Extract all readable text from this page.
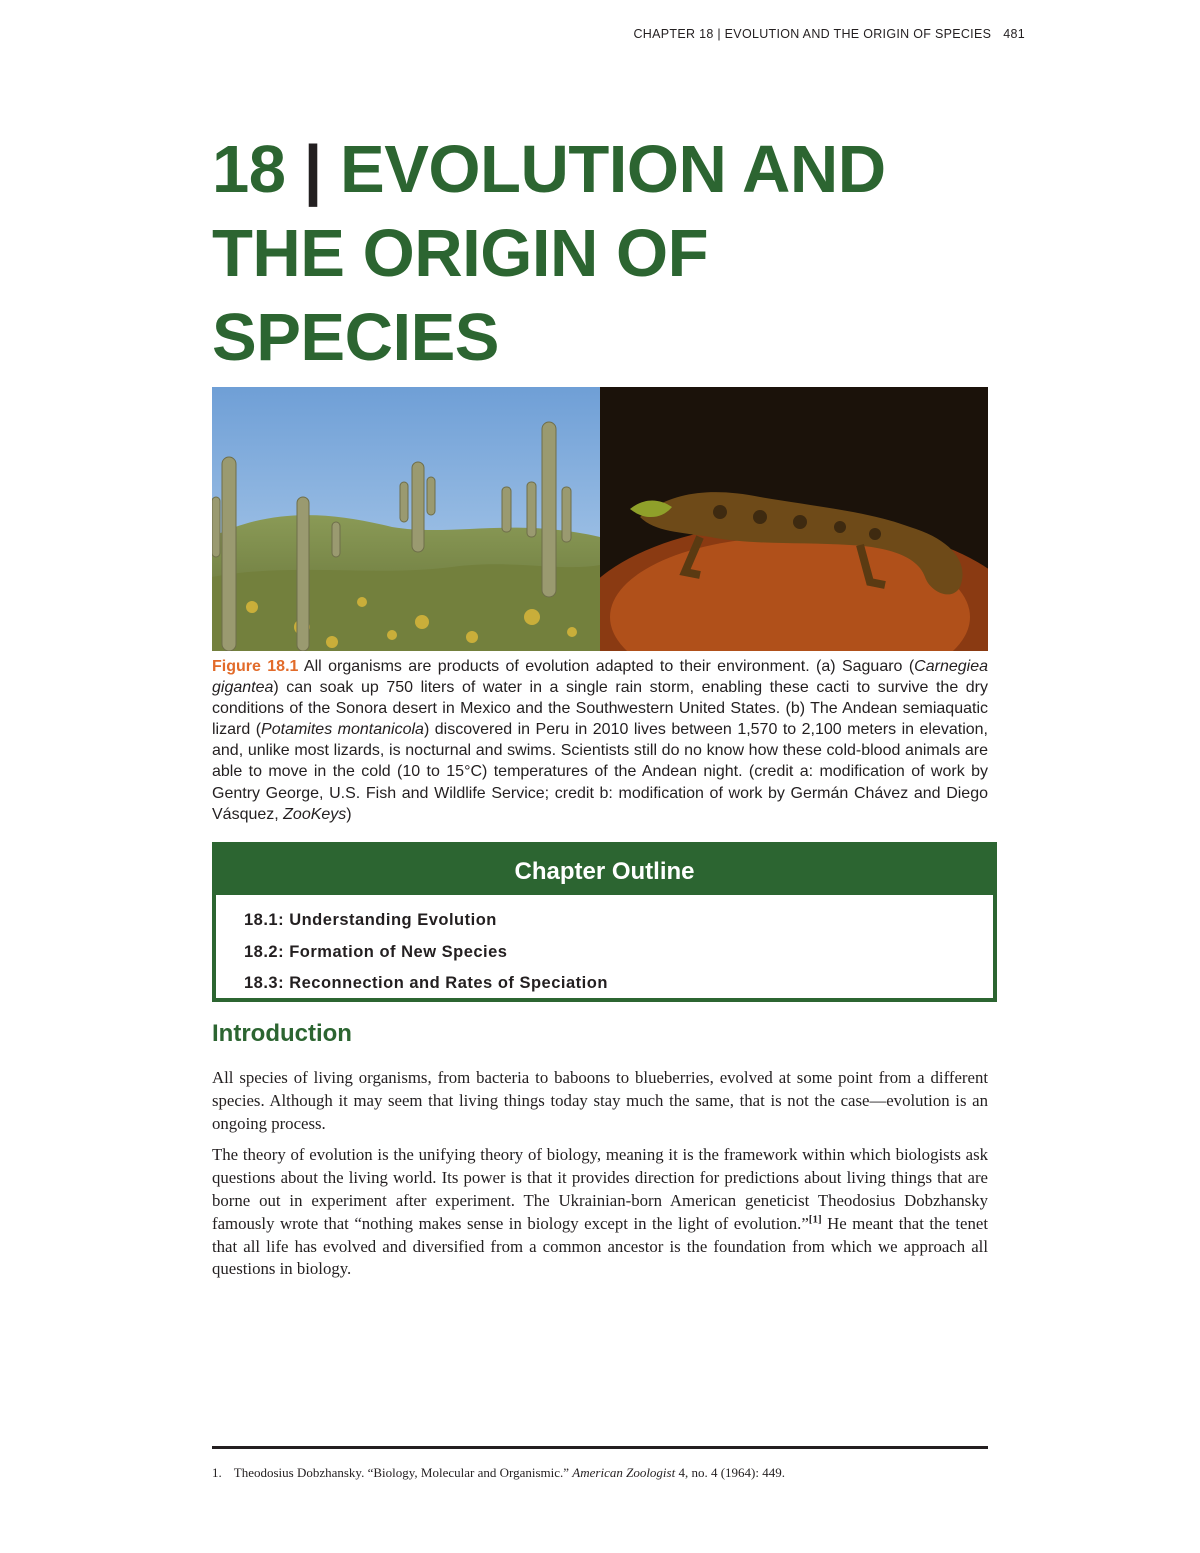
CHAPTER 18 | EVOLUTION AND THE ORIGIN OF SPECIES 481
18 | EVOLUTION AND
THE ORIGIN OF
SPECIES

Figure 18.1 All organisms are products of evolution adapted to their environment. (a) Saguaro (Carnegiea gigantea) can soak up 750 liters of water in a single rain storm, enabling these cacti to survive the dry conditions of the Sonora desert in Mexico and the Southwestern United States. (b) The Andean semiaquatic lizard (Potamites montanicola) discovered in Peru in 2010 lives between 1,570 to 2,100 meters in elevation, and, unlike most lizards, is nocturnal and swims. Scientists still do no know how these cold-blood animals are able to move in the cold (10 to 15°C) temperatures of the Andean night. (credit a: modification of work by Gentry George, U.S. Fish and Wildlife Service; credit b: modification of work by Germán Chávez and Diego Vásquez, ZooKeys)

Chapter Outline
18.1: Understanding Evolution
18.2: Formation of New Species
18.3: Reconnection and Rates of Speciation
Introduction

All species of living organisms, from bacteria to baboons to blueberries, evolved at some point from a different species. Although it may seem that living things today stay much the same, that is not the case—evolution is an ongoing process.

The theory of evolution is the unifying theory of biology, meaning it is the framework within which biologists ask questions about the living world. Its power is that it provides direction for predictions about living things that are borne out in experiment after experiment. The Ukrainian-born American geneticist Theodosius Dobzhansky famously wrote that “nothing makes sense in biology except in the light of evolution.”[1] He meant that the tenet that all life has evolved and diversified from a common ancestor is the foundation from which we approach all questions in biology.

1. Theodosius Dobzhansky. “Biology, Molecular and Organismic.” American Zoologist 4, no. 4 (1964): 449.
